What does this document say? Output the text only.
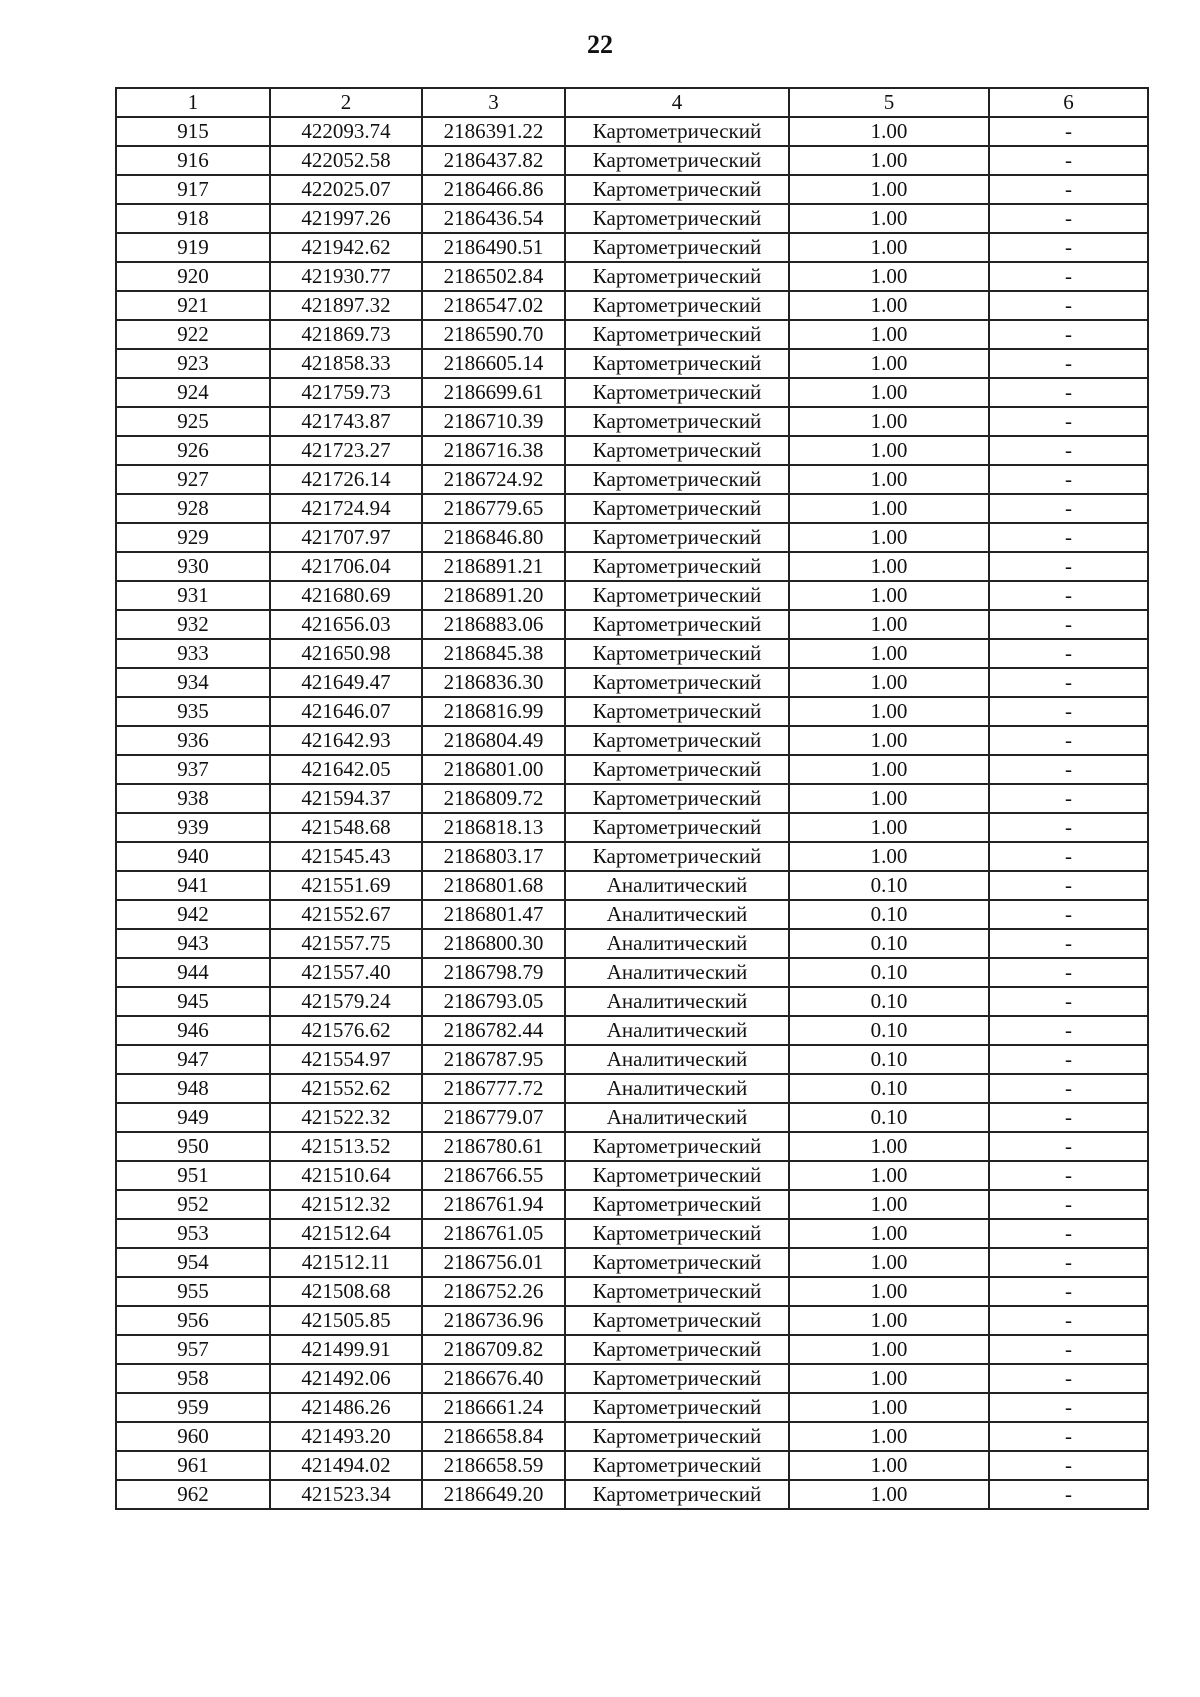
22
1	2	3	4	5	6
915	422093.74	2186391.22	Картометрический	1.00	-
916	422052.58	2186437.82	Картометрический	1.00	-
917	422025.07	2186466.86	Картометрический	1.00	-
918	421997.26	2186436.54	Картометрический	1.00	-
919	421942.62	2186490.51	Картометрический	1.00	-
920	421930.77	2186502.84	Картометрический	1.00	-
921	421897.32	2186547.02	Картометрический	1.00	-
922	421869.73	2186590.70	Картометрический	1.00	-
923	421858.33	2186605.14	Картометрический	1.00	-
924	421759.73	2186699.61	Картометрический	1.00	-
925	421743.87	2186710.39	Картометрический	1.00	-
926	421723.27	2186716.38	Картометрический	1.00	-
927	421726.14	2186724.92	Картометрический	1.00	-
928	421724.94	2186779.65	Картометрический	1.00	-
929	421707.97	2186846.80	Картометрический	1.00	-
930	421706.04	2186891.21	Картометрический	1.00	-
931	421680.69	2186891.20	Картометрический	1.00	-
932	421656.03	2186883.06	Картометрический	1.00	-
933	421650.98	2186845.38	Картометрический	1.00	-
934	421649.47	2186836.30	Картометрический	1.00	-
935	421646.07	2186816.99	Картометрический	1.00	-
936	421642.93	2186804.49	Картометрический	1.00	-
937	421642.05	2186801.00	Картометрический	1.00	-
938	421594.37	2186809.72	Картометрический	1.00	-
939	421548.68	2186818.13	Картометрический	1.00	-
940	421545.43	2186803.17	Картометрический	1.00	-
941	421551.69	2186801.68	Аналитический	0.10	-
942	421552.67	2186801.47	Аналитический	0.10	-
943	421557.75	2186800.30	Аналитический	0.10	-
944	421557.40	2186798.79	Аналитический	0.10	-
945	421579.24	2186793.05	Аналитический	0.10	-
946	421576.62	2186782.44	Аналитический	0.10	-
947	421554.97	2186787.95	Аналитический	0.10	-
948	421552.62	2186777.72	Аналитический	0.10	-
949	421522.32	2186779.07	Аналитический	0.10	-
950	421513.52	2186780.61	Картометрический	1.00	-
951	421510.64	2186766.55	Картометрический	1.00	-
952	421512.32	2186761.94	Картометрический	1.00	-
953	421512.64	2186761.05	Картометрический	1.00	-
954	421512.11	2186756.01	Картометрический	1.00	-
955	421508.68	2186752.26	Картометрический	1.00	-
956	421505.85	2186736.96	Картометрический	1.00	-
957	421499.91	2186709.82	Картометрический	1.00	-
958	421492.06	2186676.40	Картометрический	1.00	-
959	421486.26	2186661.24	Картометрический	1.00	-
960	421493.20	2186658.84	Картометрический	1.00	-
961	421494.02	2186658.59	Картометрический	1.00	-
962	421523.34	2186649.20	Картометрический	1.00	-
